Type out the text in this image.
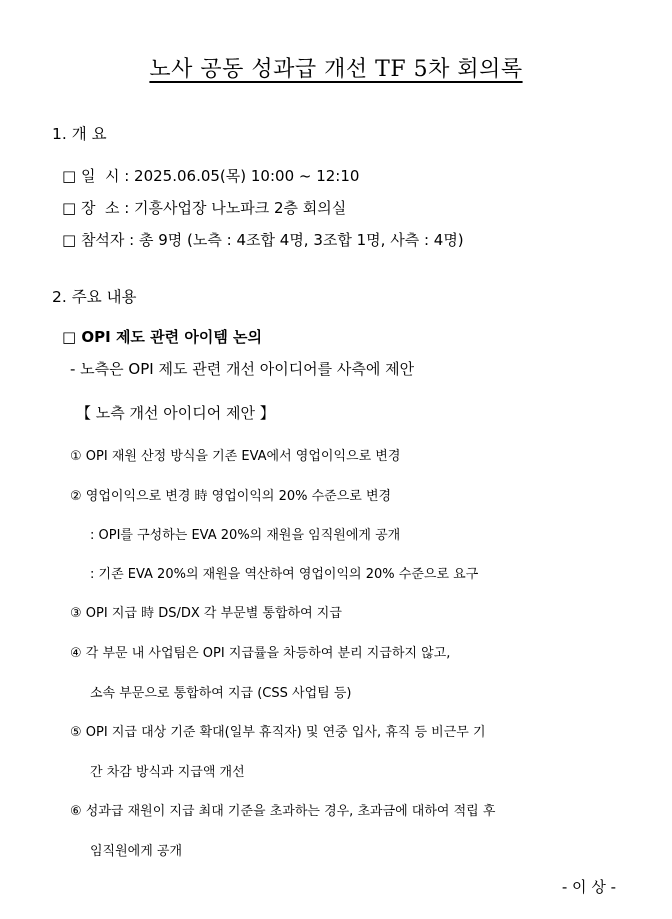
노사 공동 성과급 개선 TF 5차 회의록
1. 개 요
□ 일  시 : 2025.06.05(목) 10:00 ~ 12:10
□ 장  소 : 기흥사업장 나노파크 2층 회의실
□ 참석자 : 총 9명 (노측 : 4조합 4명, 3조합 1명, 사측 : 4명)
2. 주요 내용
□ OPI 제도 관련 아이템 논의
- 노측은 OPI 제도 관련 개선 아이디어를 사측에 제안
【 노측 개선 아이디어 제안 】
① OPI 재원 산정 방식을 기존 EVA에서 영업이익으로 변경
② 영업이익으로 변경 時 영업이익의 20% 수준으로 변경
: OPI를 구성하는 EVA 20%의 재원을 임직원에게 공개
: 기존 EVA 20%의 재원을 역산하여 영업이익의 20% 수준으로 요구
③ OPI 지급 時 DS/DX 각 부문별 통합하여 지급
④ 각 부문 내 사업팀은 OPI 지급률을 차등하여 분리 지급하지 않고,
소속 부문으로 통합하여 지급 (CSS 사업팀 등)
⑤ OPI 지급 대상 기준 확대(일부 휴직자) 및 연중 입사, 휴직 등 비근무 기
간 차감 방식과 지급액 개선
⑥ 성과급 재원이 지급 최대 기준을 초과하는 경우, 초과금에 대하여 적립 후
임직원에게 공개
- 이 상 -
